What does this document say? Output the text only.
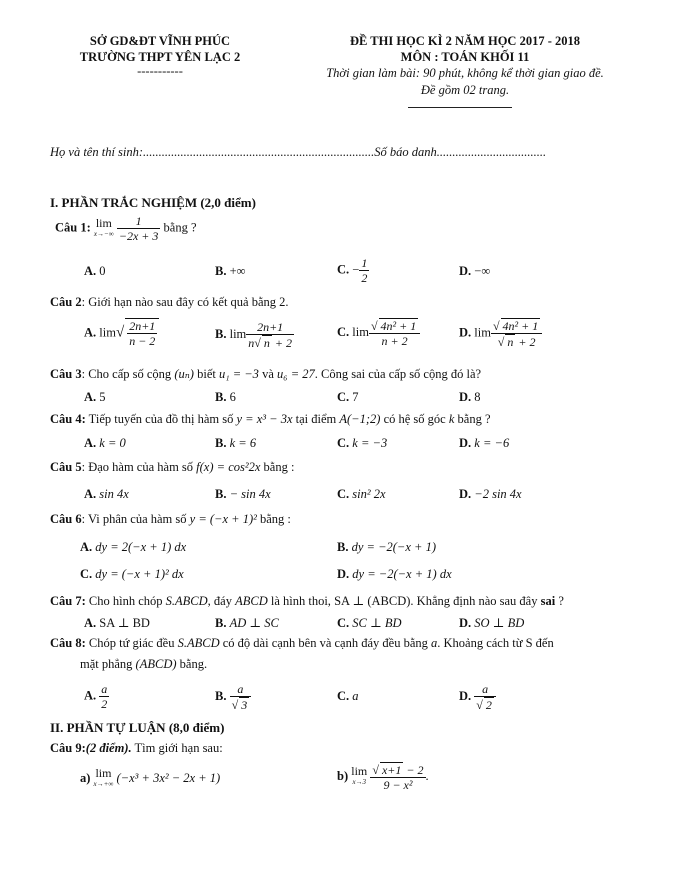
SỞ GD&ĐT VĨNH PHÚC
TRƯỜNG THPT YÊN LẠC 2
-----------
ĐỀ THI HỌC KÌ 2 NĂM HỌC 2017 - 2018
MÔN : TOÁN KHỐI 11
Thời gian làm bài: 90 phút, không kể thời gian giao đề.
Đề gồm 02 trang.
Họ và tên thí sinh:..........................................................................Số báo danh...................................
I. PHẦN TRẮC NGHIỆM (2,0 điểm)
Câu 1: lim
x→−∞
$\frac{1}{-2x + 3}$ bằng ?
A. 0	B. +∞	C. − $\frac{1}{2}$	D. −∞
Câu 2: Giới hạn nào sau đây có kết quả bằng 2.
A. $\lim√ \frac{2n+1}{n - 2}$	B. $\lim \frac{2n+1}{n√ n + 2}$	C. $\lim \frac{\text{√ 4n² + 1}}{n + 2}$	D. $\lim \frac{\text{√ 4n² + 1}}{√ n + 2}$
Câu 3: Cho cấp số cộng (uₙ) biết u₁ = −3 và u₆ = 27. Công sai của cấp số cộng đó là?
A. 5	B. 6	C. 7	D. 8
Câu 4: Tiếp tuyến của đồ thị hàm số y = x³ − 3x tại điểm A(−1;2) có hệ số góc k bằng ?
A. k = 0	B. k = 6	C. k = −3	D. k = −6
Câu 5: Đạo hàm của hàm số f(x) = cos²2x bằng :
A. sin 4x	B. − sin 4x	C. sin² 2x	D. −2 sin 4x
Câu 6: Vi phân của hàm số y = (−x + 1)² bằng :
A. dy = 2(−x + 1) dx	B. dy = −2(−x + 1)
C. dy = (−x + 1)² dx	D. dy = −2(−x + 1) dx
Câu 7: Cho hình chóp S.ABCD, đáy ABCD là hình thoi, SA ⊥ (ABCD). Khẳng định nào sau đây sai ?
A. SA ⊥ BD	B. AD ⊥ SC	C. SC ⊥ BD	D. SO ⊥ BD
Câu 8: Chóp tứ giác đều S.ABCD có độ dài cạnh bên và cạnh đáy đều bằng a. Khoảng cách từ S đến
mặt phẳng (ABCD) bằng.
A. $\frac{a}{2}$	B. $\frac{a}{√ 3}$	C. a	D. $\frac{a}{√ 2}$
II. PHẦN TỰ LUẬN (8,0 điểm)
Câu 9:(2 điểm). Tìm giới hạn sau:
a) lim
x→+∞ (−x³ + 3x² − 2x + 1)	b) lim
x→3
$\frac{√ x+1 - 2}{\text{9 − x²}}$ .
